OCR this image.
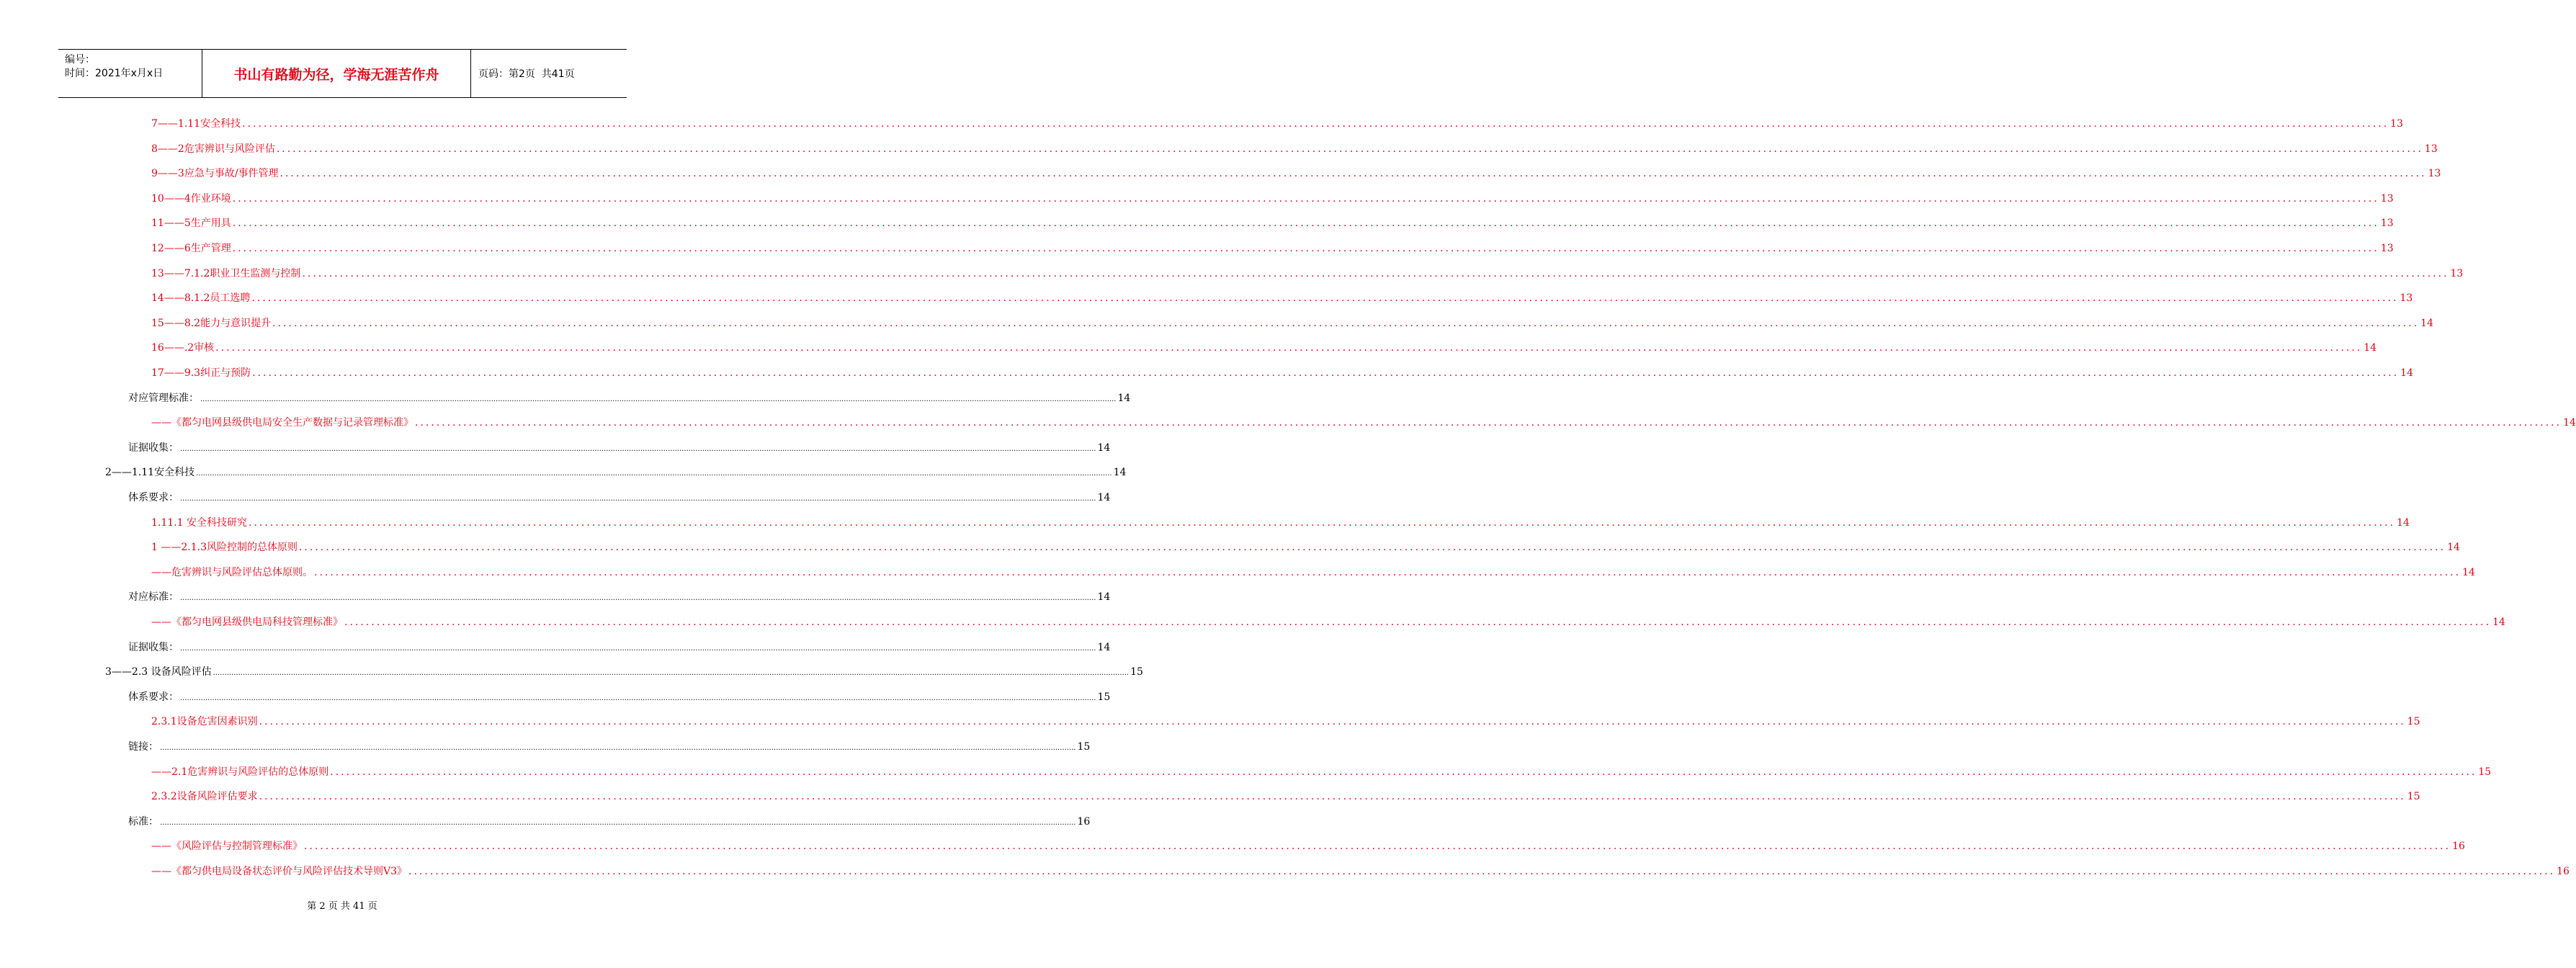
编号：
时间：2021年x月x日	书山有路勤为径，学海无涯苦作舟	页码：第2页  共41页
7——1.11安全科技 ................................................................................................................................................................................................................................................................................................................................................................................................................ 13
8——2危害辨识与风险评估 ................................................................................................................................................................................................................................................................................................................................................................................................................ 13
9——3应急与事故/事件管理 ................................................................................................................................................................................................................................................................................................................................................................................................................ 13
10——4作业环境 ................................................................................................................................................................................................................................................................................................................................................................................................................ 13
11——5生产用具 ................................................................................................................................................................................................................................................................................................................................................................................................................ 13
12——6生产管理 ................................................................................................................................................................................................................................................................................................................................................................................................................ 13
13——7.1.2职业卫生监测与控制 ................................................................................................................................................................................................................................................................................................................................................................................................................ 13
14——8.1.2员工选聘 ................................................................................................................................................................................................................................................................................................................................................................................................................ 13
15——8.2能力与意识提升 ................................................................................................................................................................................................................................................................................................................................................................................................................ 14
16——.2审核 ................................................................................................................................................................................................................................................................................................................................................................................................................ 14
17——9.3纠正与预防 ................................................................................................................................................................................................................................................................................................................................................................................................................ 14
对应管理标准： ................................................................................................................................................................................................................................................................................................................................................................................................................ 14
——《都匀电网县级供电局安全生产数据与记录管理标准》 ................................................................................................................................................................................................................................................................................................................................................................................................................ 14
证据收集： ................................................................................................................................................................................................................................................................................................................................................................................................................ 14
2——1.11安全科技 ................................................................................................................................................................................................................................................................................................................................................................................................................ 14
体系要求： ................................................................................................................................................................................................................................................................................................................................................................................................................ 14
1.11.1 安全科技研究 ................................................................................................................................................................................................................................................................................................................................................................................................................ 14
1 ——2.1.3风险控制的总体原则 ................................................................................................................................................................................................................................................................................................................................................................................................................ 14
——危害辨识与风险评估总体原则。 ................................................................................................................................................................................................................................................................................................................................................................................................................ 14
对应标准： ................................................................................................................................................................................................................................................................................................................................................................................................................ 14
——《都匀电网县级供电局科技管理标准》 ................................................................................................................................................................................................................................................................................................................................................................................................................ 14
证据收集： ................................................................................................................................................................................................................................................................................................................................................................................................................ 14
3——2.3 设备风险评估 ................................................................................................................................................................................................................................................................................................................................................................................................................ 15
体系要求： ................................................................................................................................................................................................................................................................................................................................................................................................................ 15
2.3.1设备危害因素识别 ................................................................................................................................................................................................................................................................................................................................................................................................................ 15
链接： ................................................................................................................................................................................................................................................................................................................................................................................................................ 15
——2.1危害辨识与风险评估的总体原则 ................................................................................................................................................................................................................................................................................................................................................................................................................ 15
2.3.2设备风险评估要求 ................................................................................................................................................................................................................................................................................................................................................................................................................ 15
标准： ................................................................................................................................................................................................................................................................................................................................................................................................................ 16
——《风险评估与控制管理标准》 ................................................................................................................................................................................................................................................................................................................................................................................................................ 16
——《都匀供电局设备状态评价与风险评估技术导则V3》 ................................................................................................................................................................................................................................................................................................................................................................................................................ 16
第 2 页 共 41 页
